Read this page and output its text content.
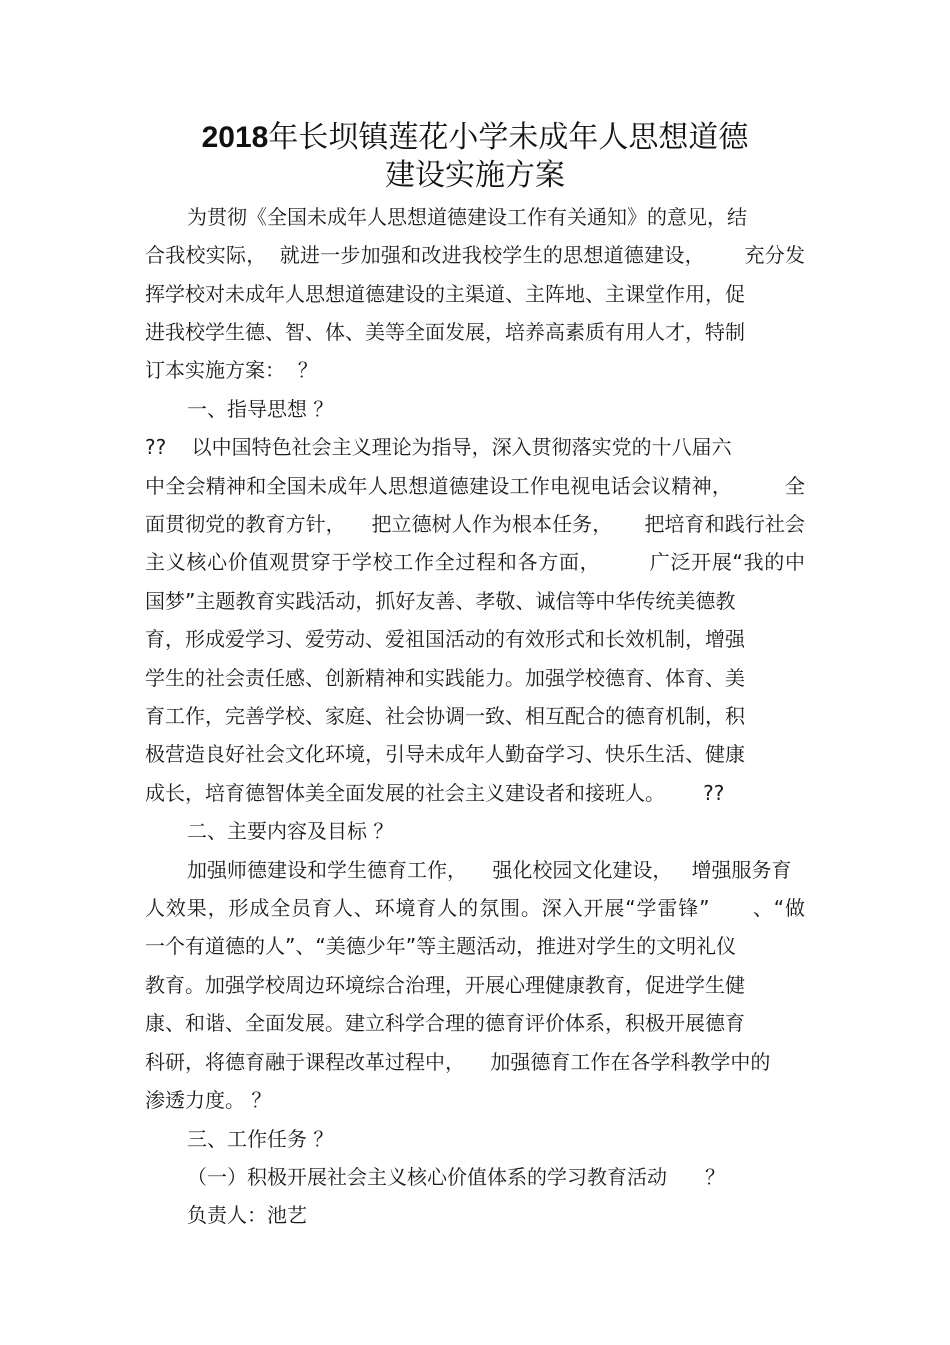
2018年长坝镇莲花小学未成年人思想道德
建设实施方案
为贯彻《全国未成年人思想道德建设工作有关通知》的意见，结
合我校实际，  就进一步加强和改进我校学生的思想道德建设，      充分发
挥学校对未成年人思想道德建设的主渠道、主阵地、主课堂作用，促
进我校学生德、智、体、美等全面发展，培养高素质有用人才，特制
订本实施方案：  ？
一、指导思想 ？
??    以中国特色社会主义理论为指导，深入贯彻落实党的十八届六
中全会精神和全国未成年人思想道德建设工作电视电话会议精神，        全
面贯彻党的教育方针，    把立德树人作为根本任务，     把培育和践行社会
主义核心价值观贯穿于学校工作全过程和各方面，       广泛开展“我的中
国梦”主题教育实践活动，抓好友善、孝敬、诚信等中华传统美德教
育，形成爱学习、爱劳动、爱祖国活动的有效形式和长效机制，增强
学生的社会责任感、创新精神和实践能力。加强学校德育、体育、美
育工作，完善学校、家庭、社会协调一致、相互配合的德育机制，积
极营造良好社会文化环境，引导未成年人勤奋学习、快乐生活、健康
成长，培育德智体美全面发展的社会主义建设者和接班人。      ??
二、主要内容及目标 ？
加强师德建设和学生德育工作，    强化校园文化建设，   增强服务育
人效果，形成全员育人、环境育人的氛围。深入开展“学雷锋”      、“做
一个有道德的人”、“美德少年”等主题活动，推进对学生的文明礼仪
教育。加强学校周边环境综合治理，开展心理健康教育，促进学生健
康、和谐、全面发展。建立科学合理的德育评价体系，积极开展德育
科研，将德育融于课程改革过程中，    加强德育工作在各学科教学中的
渗透力度。 ？
三、工作任务 ？
（一）积极开展社会主义核心价值体系的学习教育活动      ？
负责人：池艺
